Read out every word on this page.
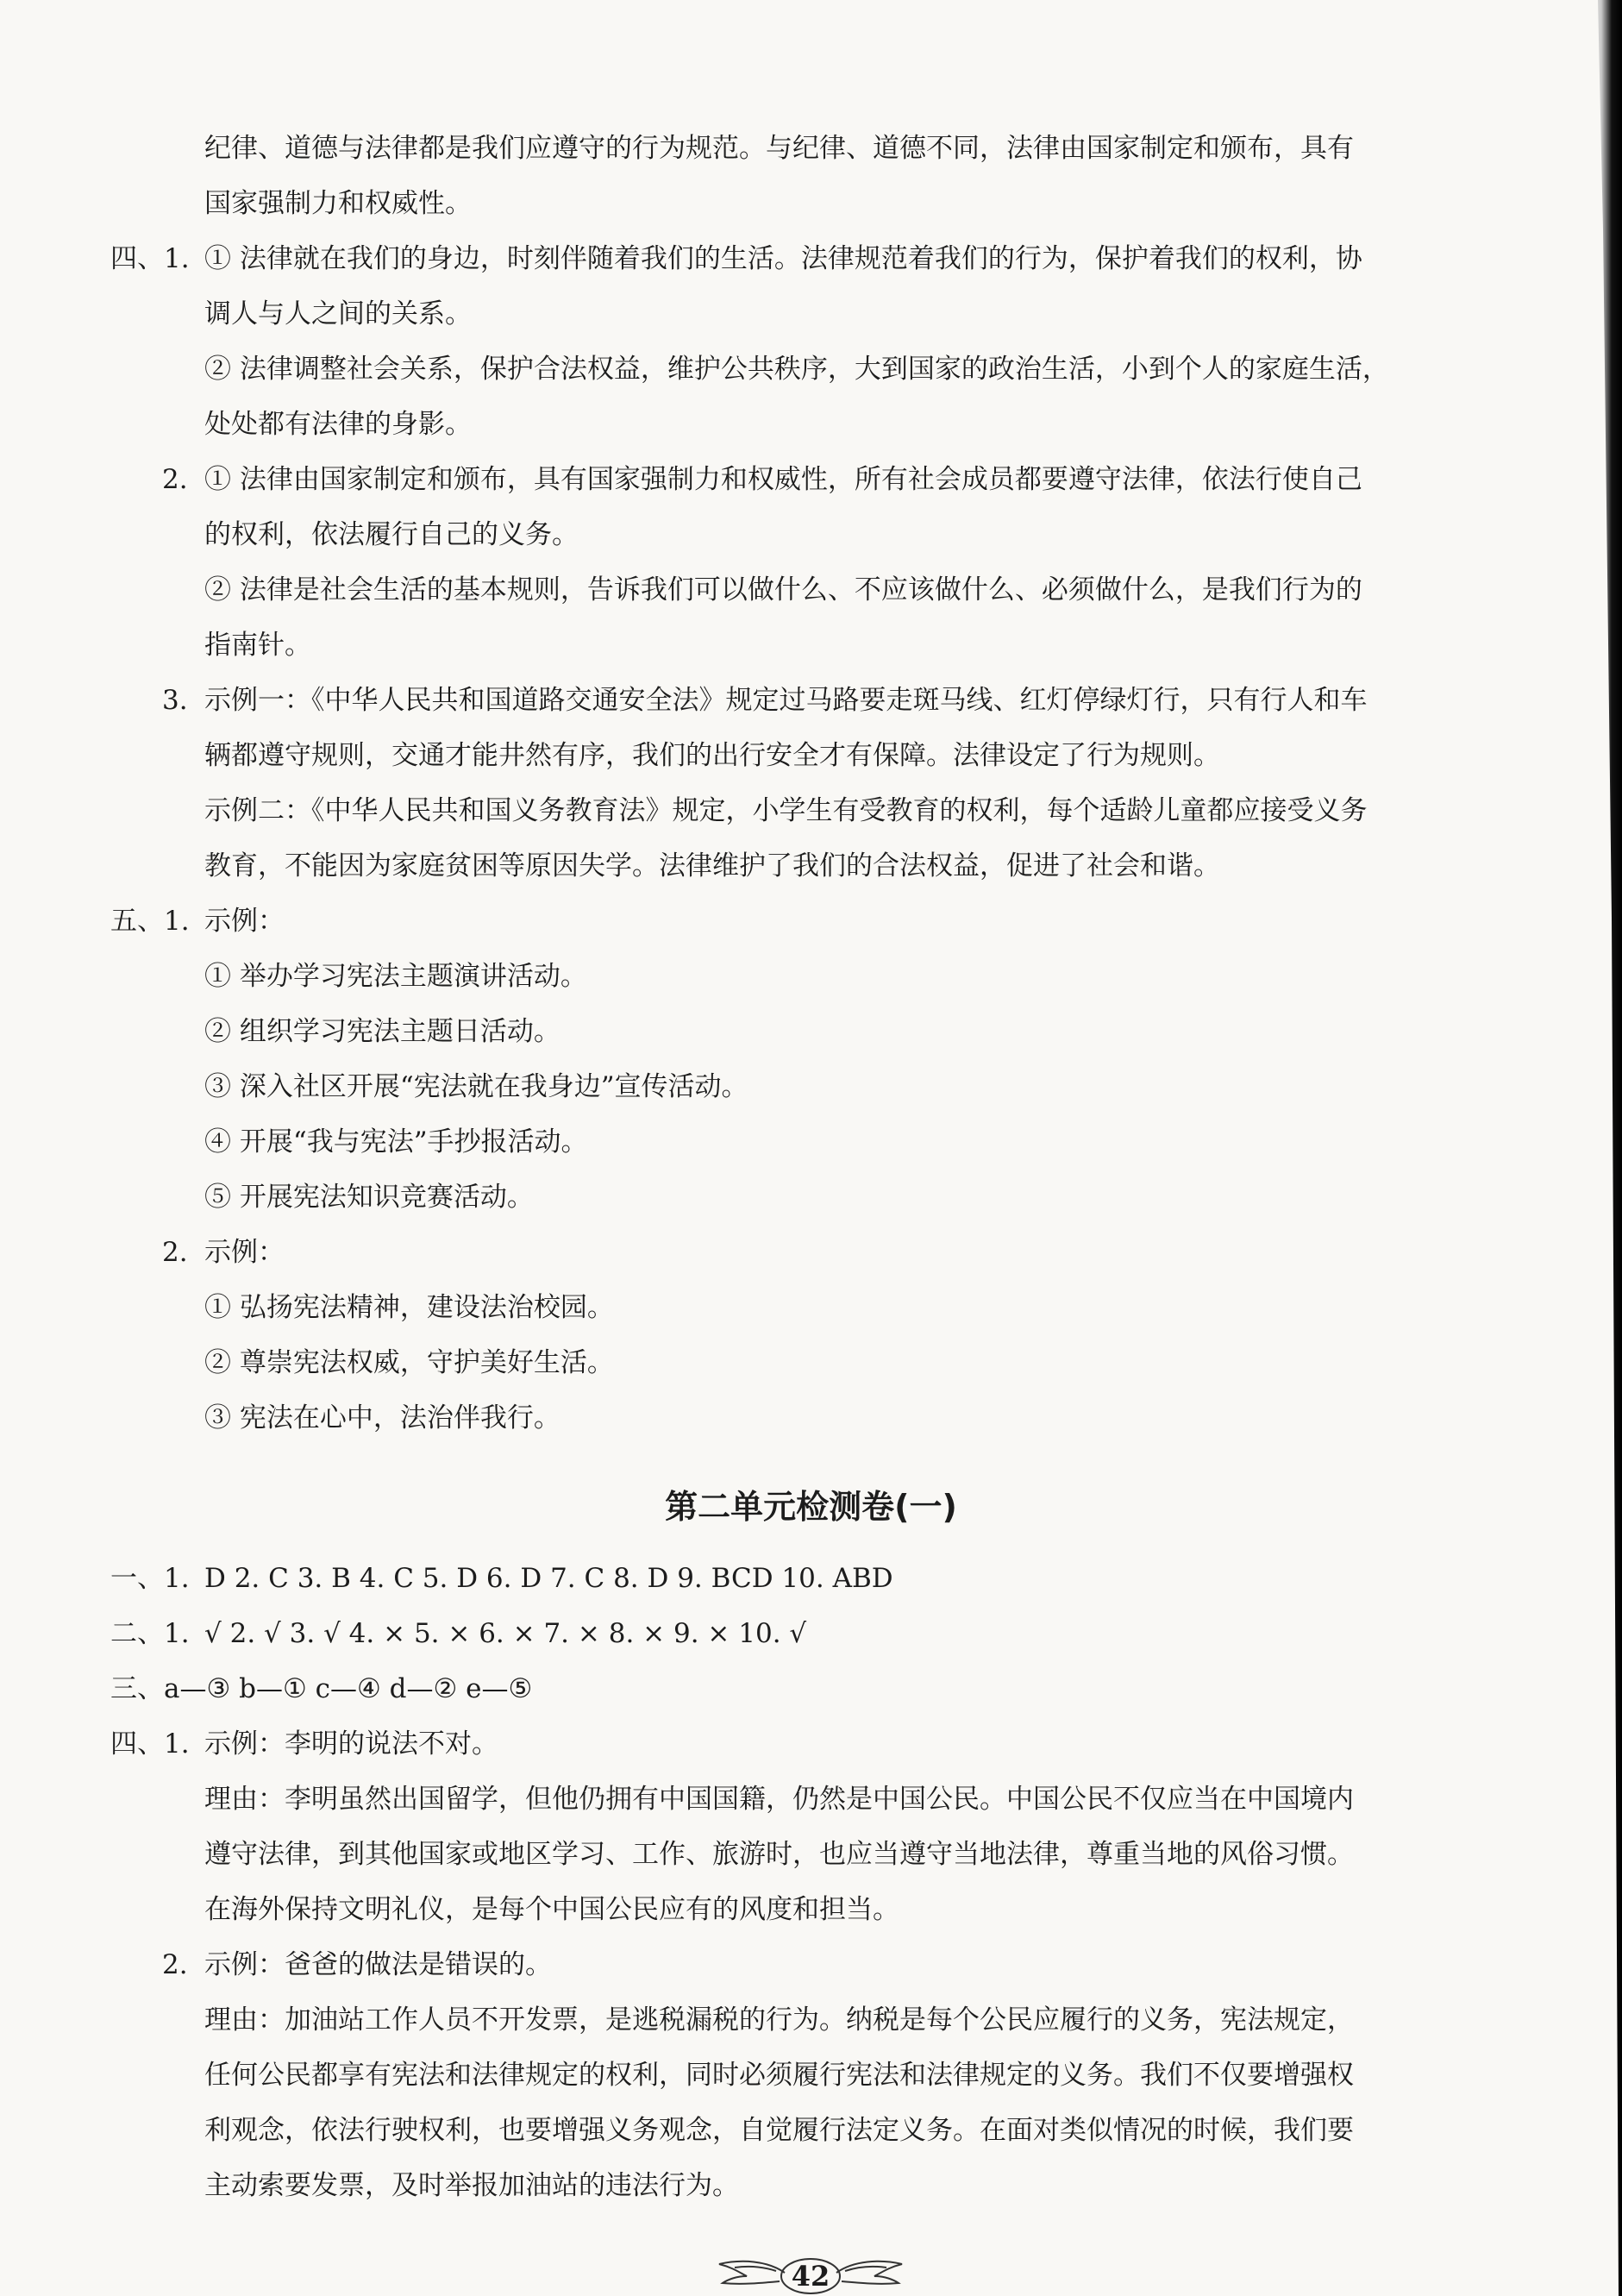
纪律、道德与法律都是我们应遵守的行为规范。与纪律、道德不同，法律由国家制定和颁布，具有
国家强制力和权威性。
四、1. ① 法律就在我们的身边，时刻伴随着我们的生活。法律规范着我们的行为，保护着我们的权利，协
调人与人之间的关系。
② 法律调整社会关系，保护合法权益，维护公共秩序，大到国家的政治生活，小到个人的家庭生活，
处处都有法律的身影。
2. ① 法律由国家制定和颁布，具有国家强制力和权威性，所有社会成员都要遵守法律，依法行使自己
的权利，依法履行自己的义务。
② 法律是社会生活的基本规则，告诉我们可以做什么、不应该做什么、必须做什么，是我们行为的
指南针。
3. 示例一：《中华人民共和国道路交通安全法》规定过马路要走斑马线、红灯停绿灯行，只有行人和车
辆都遵守规则，交通才能井然有序，我们的出行安全才有保障。法律设定了行为规则。
示例二：《中华人民共和国义务教育法》规定，小学生有受教育的权利，每个适龄儿童都应接受义务
教育，不能因为家庭贫困等原因失学。法律维护了我们的合法权益，促进了社会和谐。
五、1. 示例：
① 举办学习宪法主题演讲活动。
② 组织学习宪法主题日活动。
③ 深入社区开展“宪法就在我身边”宣传活动。
④ 开展“我与宪法”手抄报活动。
⑤ 开展宪法知识竞赛活动。
2. 示例：
① 弘扬宪法精神，建设法治校园。
② 尊崇宪法权威，守护美好生活。
③ 宪法在心中，法治伴我行。
第二单元检测卷(一)
一、1. D 2. C 3. B 4. C 5. D 6. D 7. C 8. D 9. BCD 10. ABD
二、1. √ 2. √ 3. √ 4. × 5. × 6. × 7. × 8. × 9. × 10. √
三、 a—③ b—① c—④ d—② e—⑤
四、1. 示例：李明的说法不对。
理由：李明虽然出国留学，但他仍拥有中国国籍，仍然是中国公民。中国公民不仅应当在中国境内
遵守法律，到其他国家或地区学习、工作、旅游时，也应当遵守当地法律，尊重当地的风俗习惯。
在海外保持文明礼仪，是每个中国公民应有的风度和担当。
2. 示例：爸爸的做法是错误的。
理由：加油站工作人员不开发票，是逃税漏税的行为。纳税是每个公民应履行的义务，宪法规定，
任何公民都享有宪法和法律规定的权利，同时必须履行宪法和法律规定的义务。我们不仅要增强权
利观念，依法行驶权利，也要增强义务观念，自觉履行法定义务。在面对类似情况的时候，我们要
主动索要发票，及时举报加油站的违法行为。
42
